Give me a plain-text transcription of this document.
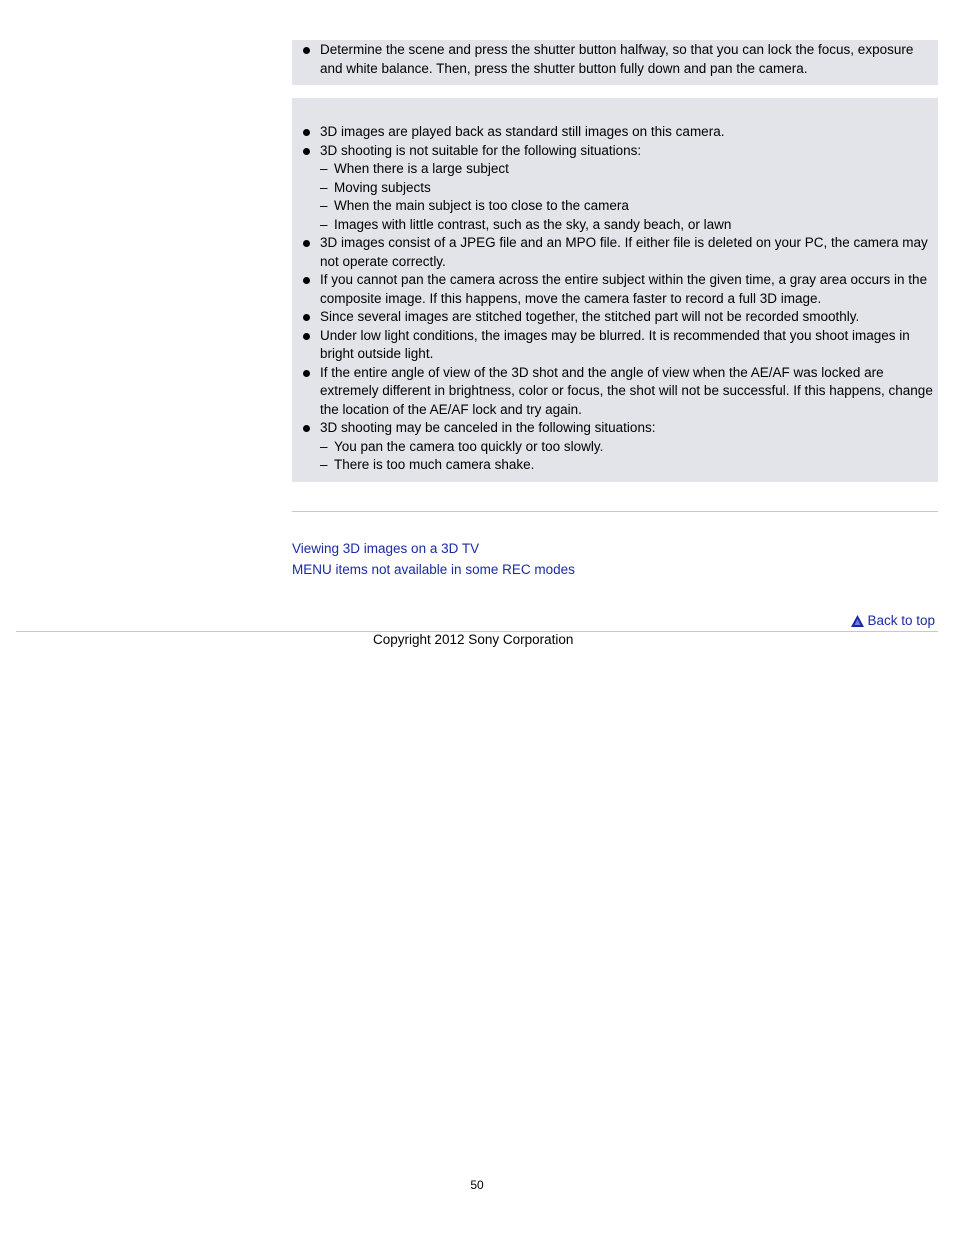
Determine the scene and press the shutter button halfway, so that you can lock the focus, exposure and white balance. Then, press the shutter button fully down and pan the camera.
3D images are played back as standard still images on this camera.
3D shooting is not suitable for the following situations:
– When there is a large subject
– Moving subjects
– When the main subject is too close to the camera
– Images with little contrast, such as the sky, a sandy beach, or lawn
3D images consist of a JPEG file and an MPO file. If either file is deleted on your PC, the camera may not operate correctly.
If you cannot pan the camera across the entire subject within the given time, a gray area occurs in the composite image. If this happens, move the camera faster to record a full 3D image.
Since several images are stitched together, the stitched part will not be recorded smoothly.
Under low light conditions, the images may be blurred. It is recommended that you shoot images in bright outside light.
If the entire angle of view of the 3D shot and the angle of view when the AE/AF was locked are extremely different in brightness, color or focus, the shot will not be successful. If this happens, change the location of the AE/AF lock and try again.
3D shooting may be canceled in the following situations:
– You pan the camera too quickly or too slowly.
– There is too much camera shake.
Viewing 3D images on a 3D TV
MENU items not available in some REC modes
Back to top
Copyright 2012 Sony Corporation
50
